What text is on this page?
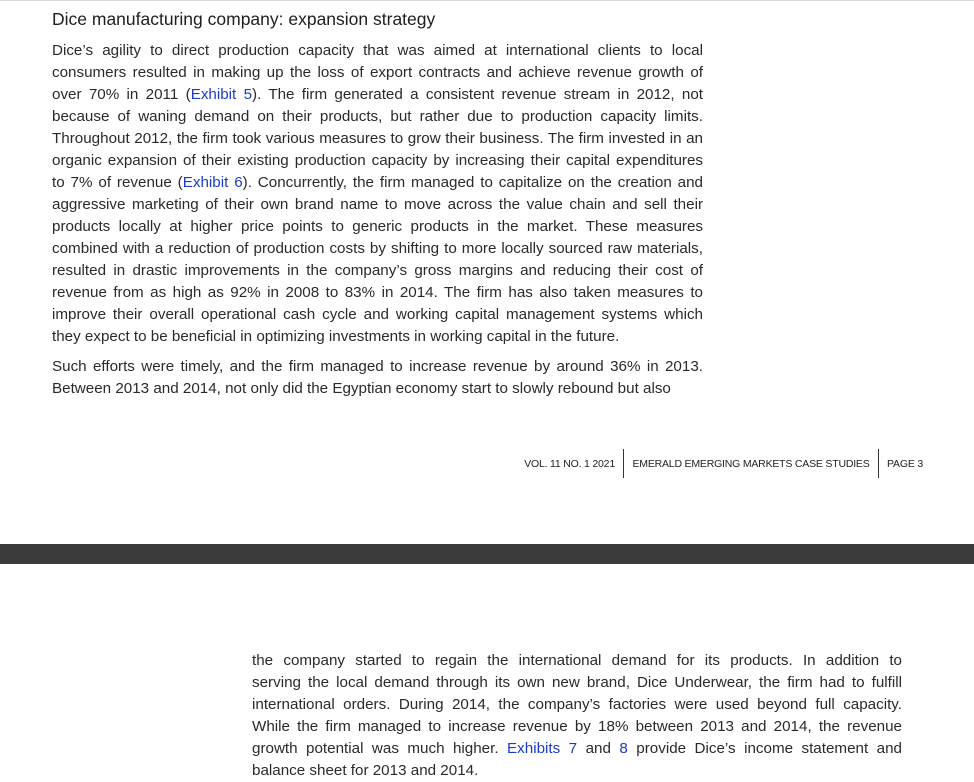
Dice manufacturing company: expansion strategy

Dice’s agility to direct production capacity that was aimed at international clients to local
consumers resulted in making up the loss of export contracts and achieve revenue growth of
over 70% in 2011 (Exhibit 5). The firm generated a consistent revenue stream in 2012, not
because of waning demand on their products, but rather due to production capacity limits.
Throughout 2012, the firm took various measures to grow their business. The firm invested in an
organic expansion of their existing production capacity by increasing their capital expenditures
to 7% of revenue (Exhibit 6). Concurrently, the firm managed to capitalize on the creation and
aggressive marketing of their own brand name to move across the value chain and sell their
products locally at higher price points to generic products in the market. These measures
combined with a reduction of production costs by shifting to more locally sourced raw materials,
resulted in drastic improvements in the company’s gross margins and reducing their cost of
revenue from as high as 92% in 2008 to 83% in 2014. The firm has also taken measures to
improve their overall operational cash cycle and working capital management systems which
they expect to be beneficial in optimizing investments in working capital in the future.

Such efforts were timely, and the firm managed to increase revenue by around 36% in 2013.
Between 2013 and 2014, not only did the Egyptian economy start to slowly rebound but also

VOL. 11 NO. 1 2021 EMERALD EMERGING MARKETS CASE STUDIES PAGE 3

the company started to regain the international demand for its products. In addition to
serving the local demand through its own new brand, Dice Underwear, the firm had to fulfill
international orders. During 2014, the company’s factories were used beyond full capacity.
While the firm managed to increase revenue by 18% between 2013 and 2014, the revenue
growth potential was much higher. Exhibits 7 and 8 provide Dice’s income statement and
balance sheet for 2013 and 2014.
